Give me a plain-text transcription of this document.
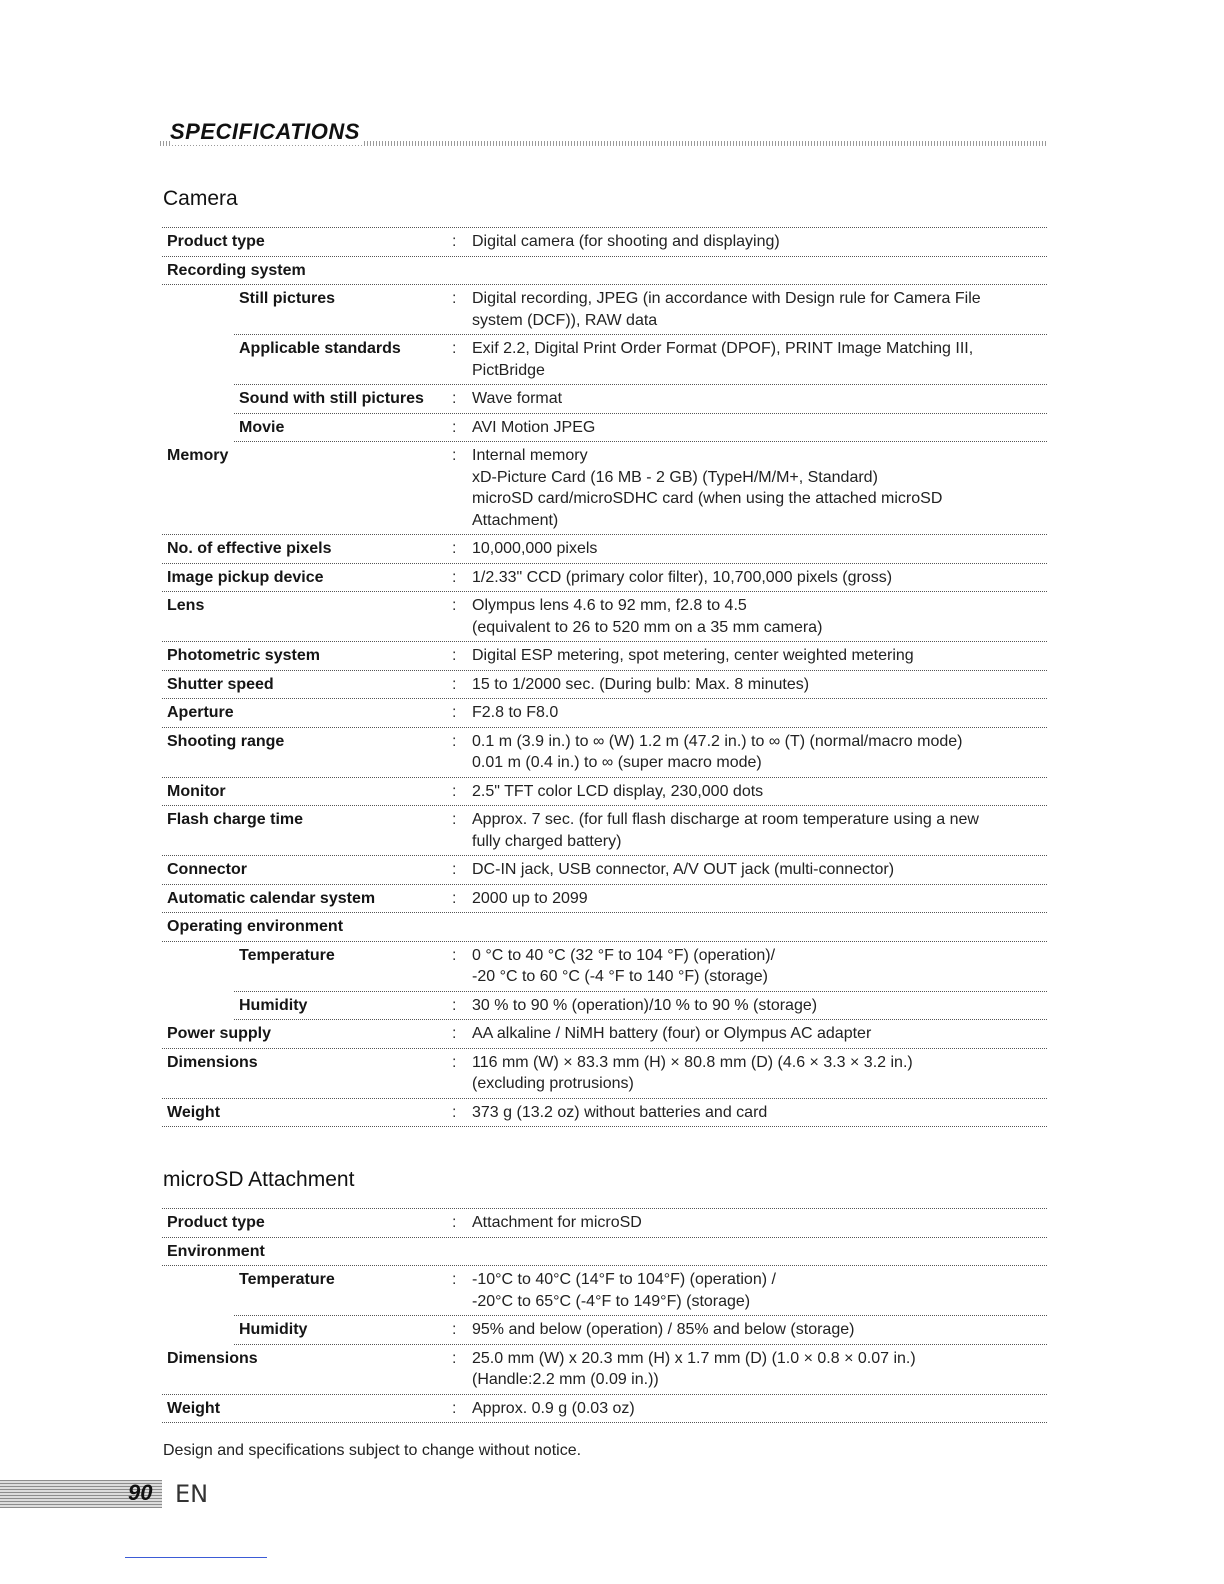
SPECIFICATIONS
Camera
Product type	: Digital camera (for shooting and displaying)
Recording system
Still pictures	: Digital recording, JPEG (in accordance with Design rule for Camera File
system (DCF)), RAW data
Applicable standards	: Exif 2.2, Digital Print Order Format (DPOF), PRINT Image Matching III,
PictBridge
Sound with still pictures	: Wave format
Movie	: AVI Motion JPEG
Memory	: Internal memory
xD-Picture Card (16 MB - 2 GB) (TypeH/M/M+, Standard)
microSD card/microSDHC card (when using the attached microSD
Attachment)
No. of effective pixels	: 10,000,000 pixels
Image pickup device	: 1/2.33" CCD (primary color filter), 10,700,000 pixels (gross)
Lens	: Olympus lens 4.6 to 92 mm, f2.8 to 4.5
(equivalent to 26 to 520 mm on a 35 mm camera)
Photometric system	: Digital ESP metering, spot metering, center weighted metering
Shutter speed	: 15 to 1/2000 sec. (During bulb: Max. 8 minutes)
Aperture	: F2.8 to F8.0
Shooting range	: 0.1 m (3.9 in.) to ∞ (W) 1.2 m (47.2 in.) to ∞ (T) (normal/macro mode)
0.01 m (0.4 in.) to ∞ (super macro mode)
Monitor	: 2.5" TFT color LCD display, 230,000 dots
Flash charge time	: Approx. 7 sec. (for full flash discharge at room temperature using a new
fully charged battery)
Connector	: DC-IN jack, USB connector, A/V OUT jack (multi-connector)
Automatic calendar system	: 2000 up to 2099
Operating environment
Temperature	: 0 °C to 40 °C (32 °F to 104 °F) (operation)/
-20 °C to 60 °C (-4 °F to 140 °F) (storage)
Humidity	: 30 % to 90 % (operation)/10 % to 90 % (storage)
Power supply	: AA alkaline / NiMH battery (four) or Olympus AC adapter
Dimensions	: 116 mm (W) × 83.3 mm (H) × 80.8 mm (D) (4.6 × 3.3 × 3.2 in.)
(excluding protrusions)
Weight	: 373 g (13.2 oz) without batteries and card
microSD Attachment
Product type	: Attachment for microSD
Environment
Temperature	: -10°C to 40°C (14°F to 104°F) (operation) /
-20°C to 65°C (-4°F to 149°F) (storage)
Humidity	: 95% and below (operation) / 85% and below (storage)
Dimensions	: 25.0 mm (W) x 20.3 mm (H) x 1.7 mm (D) (1.0 × 0.8 × 0.07 in.)
(Handle:2.2 mm (0.09 in.))
Weight	: Approx. 0.9 g (0.03 oz)
Design and specifications subject to change without notice.
90 EN
